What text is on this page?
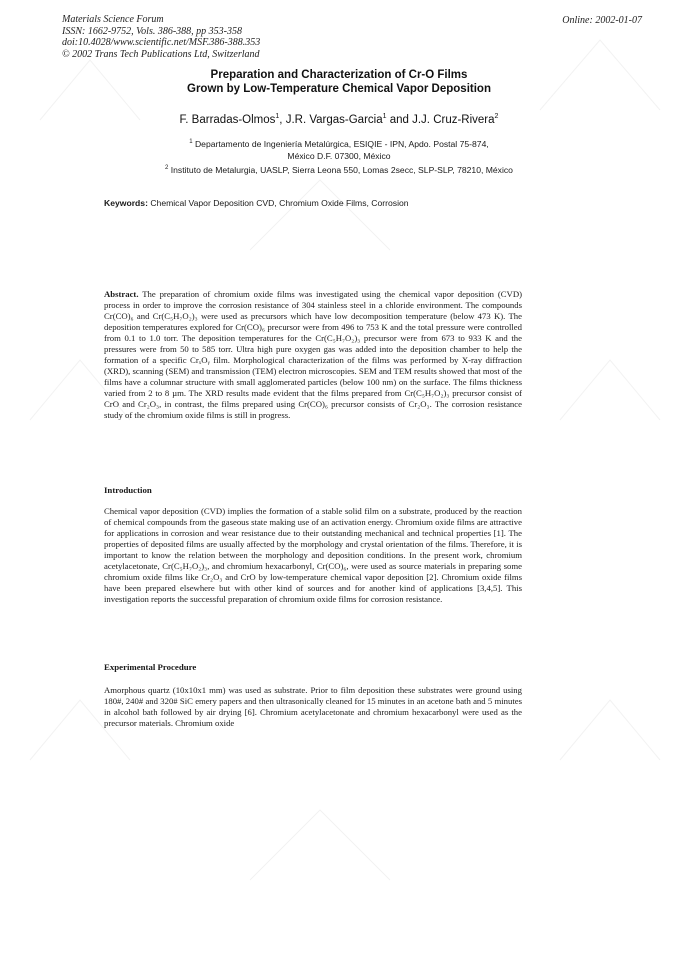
Materials Science Forum
ISSN: 1662-9752, Vols. 386-388, pp 353-358
doi:10.4028/www.scientific.net/MSF.386-388.353
© 2002 Trans Tech Publications Ltd, Switzerland
Online: 2002-01-07
Preparation and Characterization of Cr-O Films
Grown by Low-Temperature Chemical Vapor Deposition
F. Barradas-Olmos$^1$, J.R. Vargas-Garcia$^1$ and J.J. Cruz-Rivera$^2$
$^1$ Departamento de Ingeniería Metalúrgica, ESIQIE - IPN, Apdo. Postal 75-874,
México D.F. 07300, México
$^2$ Instituto de Metalurgia, UASLP, Sierra Leona 550, Lomas 2secc, SLP-SLP, 78210, México
Keywords: Chemical Vapor Deposition CVD, Chromium Oxide Films, Corrosion
Abstract. The preparation of chromium oxide films was investigated using the chemical vapor deposition (CVD) process in order to improve the corrosion resistance of 304 stainless steel in a chloride environment. The compounds Cr(CO)₆ and Cr(C₅H₇O₂)₃ were used as precursors which have low decomposition temperature (below 473 K). The deposition temperatures explored for Cr(CO)₆ precursor were from 496 to 753 K and the total pressure were controlled from 0.1 to 1.0 torr. The deposition temperatures for the Cr(C₅H₇O₂)₃ precursor were from 673 to 933 K and the pressures were from 50 to 585 torr. Ultra high pure oxygen gas was added into the deposition chamber to help the formation of a specific CrₓOᵧ film. Morphological characterization of the films was performed by X-ray diffraction (XRD), scanning (SEM) and transmission (TEM) electron microscopies. SEM and TEM results showed that most of the films have a columnar structure with small agglomerated particles (below 100 nm) on the surface. The films thickness varied from 2 to 8 µm. The XRD results made evident that the films prepared from Cr(C₅H₇O₂)₃ precursor consist of CrO and Cr₂O₃, in contrast, the films prepared using Cr(CO)₆ precursor consists of Cr₂O₃. The corrosion resistance study of the chromium oxide films is still in progress.
Introduction
Chemical vapor deposition (CVD) implies the formation of a stable solid film on a substrate, produced by the reaction of chemical compounds from the gaseous state making use of an activation energy. Chromium oxide films are attractive for applications in corrosion and wear resistance due to their outstanding mechanical and technical properties [1]. The properties of deposited films are usually affected by the morphology and crystal orientation of the films. Therefore, it is important to know the relation between the morphology and deposition conditions. In the present work, chromium acetylacetonate, Cr(C₅H₇O₂)₃, and chromium hexacarbonyl, Cr(CO)₆, were used as source materials in preparing some chromium oxide films like Cr₂O₃ and CrO by low-temperature chemical vapor deposition [2]. Chromium oxide films have been prepared elsewhere but with other kind of sources and for another kind of applications [3,4,5]. This investigation reports the successful preparation of chromium oxide films for corrosion resistance.
Experimental Procedure
Amorphous quartz (10x10x1 mm) was used as substrate. Prior to film deposition these substrates were ground using 180#, 240# and 320# SiC emery papers and then ultrasonically cleaned for 15 minutes in an acetone bath and 5 minutes in alcohol bath followed by air drying [6]. Chromium acetylacetonate and chromium hexacarbonyl were used as the precursor materials. Chromium oxide
